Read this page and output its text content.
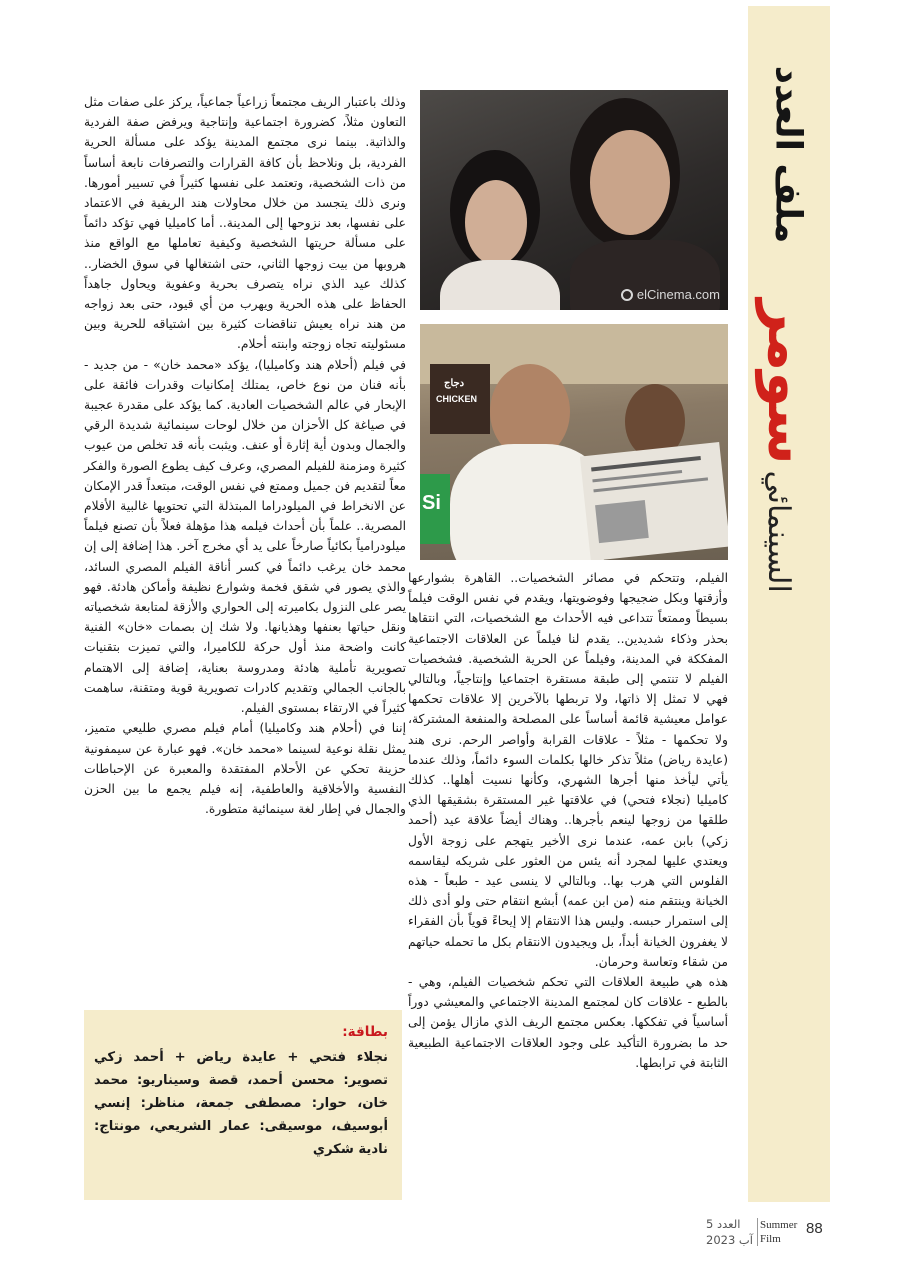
ملف العدد
سومر
السينمائي
elCinema.com
CHICKEN
دجاج
Si

الفيلم، وتتحكم في مصائر الشخصيات.. القاهرة بشوارعها وأزقتها وبكل ضجيجها وفوضويتها، ويقدم في نفس الوقت فيلماً بسيطاً وممتعاً تتداعى فيه الأحداث مع الشخصيات، التي انتقاها بحذر وذكاء شديدين.. يقدم لنا فيلماً عن العلاقات الاجتماعية المفككة في المدينة، وفيلماً عن الحرية الشخصية. فشخصيات الفيلم لا تنتمي إلى طبقة مستقرة اجتماعيا وإنتاجياً، وبالتالي فهي لا تمثل إلا ذاتها، ولا تربطها بالآخرين إلا علاقات تحكمها عوامل معيشية قائمة أساساً على المصلحة والمنفعة المشتركة، ولا تحكمها - مثلاً - علاقات القرابة وأواصر الرحم. نرى هند (عايدة رياض) مثلاً تذكر خالها بكلمات السوء دائماً، وذلك عندما يأتي ليأخذ منها أجرها الشهري، وكأنها نسيت أهلها.. كذلك كاميليا (نجلاء فتحي) في علاقتها غير المستقرة بشقيقها الذي طلقها من زوجها لينعم بأجرها.. وهناك أيضاً علاقة عيد (أحمد زكي) بابن عمه، عندما نرى الأخير يتهجم على زوجة الأول ويعتدي عليها لمجرد أنه يئس من العثور على شريكه ليقاسمه الفلوس التي هرب بها.. وبالتالي لا ينسى عيد - طبعاً - هذه الخيانة وينتقم منه (من ابن عمه) أبشع انتقام حتى ولو أدى ذلك إلى استمرار حبسه. وليس هذا الانتقام إلا إيحاءً قوياً بأن الفقراء لا يغفرون الخيانة أبداً، بل ويجيدون الانتقام بكل ما تحمله حياتهم من شقاء وتعاسة وحرمان.

هذه هي طبيعة العلاقات التي تحكم شخصيات الفيلم، وهي - بالطبع - علاقات كان لمجتمع المدينة الاجتماعي والمعيشي دوراً أساسياً في تفككها. بعكس مجتمع الريف الذي مازال يؤمن إلى حد ما بضرورة التأكيد على وجود العلاقات الاجتماعية الطبيعية الثابتة في ترابطها.

وذلك باعتبار الريف مجتمعاً زراعياً جماعياً، يركز على صفات مثل التعاون مثلاً، كضرورة اجتماعية وإنتاجية ويرفض صفة الفردية والذاتية. بينما نرى مجتمع المدينة يؤكد على مسألة الحرية الفردية، بل ونلاحظ بأن كافة القرارات والتصرفات نابعة أساساً من ذات الشخصية، وتعتمد على نفسها كثيراً في تسيير أمورها. ونرى ذلك يتجسد من خلال محاولات هند الريفية في الاعتماد على نفسها، بعد نزوحها إلى المدينة.. أما كاميليا فهي تؤكد دائماً على مسألة حريتها الشخصية وكيفية تعاملها مع الواقع منذ هروبها من بيت زوجها الثاني، حتى اشتغالها في سوق الخضار.. كذلك عيد الذي نراه يتصرف بحرية وعفوية ويحاول جاهداً الحفاظ على هذه الحرية ويهرب من أي قيود، حتى بعد زواجه من هند نراه يعيش تناقضات كثيرة بين اشتياقه للحرية وبين مسئوليته تجاه زوجته وابنته أحلام.

في فيلم (أحلام هند وكاميليا)، يؤكد «محمد خان» - من جديد - بأنه فنان من نوع خاص، يمتلك إمكانيات وقدرات فائقة على الإبحار في عالم الشخصيات العادية. كما يؤكد على مقدرة عجيبة في صياغة كل الأحزان من خلال لوحات سينمائية شديدة الرقي والجمال وبدون أية إثارة أو عنف. ويثبت بأنه قد تخلص من عيوب كثيرة ومزمنة للفيلم المصري، وعرف كيف يطوع الصورة والفكر معاً لتقديم فن جميل وممتع في نفس الوقت، مبتعداً قدر الإمكان عن الانخراط في الميلودراما المبتذلة التي تحتويها غالبية الأفلام المصرية.. علماً بأن أحداث فيلمه هذا مؤهلة فعلاً بأن تصنع فيلماً ميلودرامياً بكائياً صارخاً على يد أي مخرج آخر. هذا إضافة إلى إن محمد خان يرغب دائماً في كسر أناقة الفيلم المصري السائد، والذي يصور في شقق فخمة وشوارع نظيفة وأماكن هادئة. فهو يصر على النزول بكاميرته إلى الحواري والأزقة لمتابعة شخصياته ونقل حياتها بعنفها وهذيانها. ولا شك إن بصمات «خان» الفنية كانت واضحة منذ أول حركة للكاميرا، والتي تميزت بتقنيات تصويرية تأملية هادئة ومدروسة بعناية، إضافة إلى الاهتمام بالجانب الجمالي وتقديم كادرات تصويرية قوية ومتقنة، ساهمت كثيراً في الارتقاء بمستوى الفيلم.

إننا في (أحلام هند وكاميليا) أمام فيلم مصري طليعي متميز، يمثل نقلة نوعية لسينما «محمد خان». فهو عبارة عن سيمفونية حزينة تحكي عن الأحلام المفتقدة والمعبرة عن الإحباطات النفسية والأخلاقية والعاطفية، إنه فيلم يجمع ما بين الحزن والجمال في إطار لغة سينمائية متطورة.

بطاقة:
نجلاء فتحي + عايدة رياض + أحمد زكي تصوير: محسن أحمد، قصة وسيناريو: محمد خان، حوار: مصطفى جمعة، مناظر: إنسي أبوسيف، موسيقى: عمار الشريعي، مونتاج: نادية شكري
88
Summer
Film
العدد 5
آب 2023
